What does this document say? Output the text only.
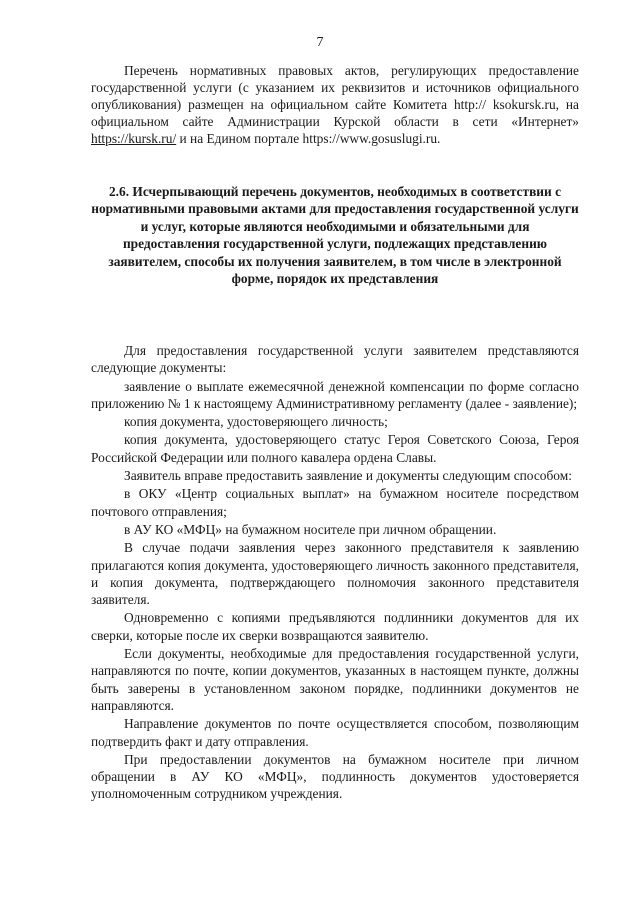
7

Перечень нормативных правовых актов, регулирующих предоставление государственной услуги (с указанием их реквизитов и источников официального опубликования) размещен на официальном сайте Комитета http:// ksokursk.ru, на официальном сайте Администрации Курской области в сети «Интернет» https://kursk.ru/ и на Едином портале https://www.gosuslugi.ru.

2.6. Исчерпывающий перечень документов, необходимых в соответствии с нормативными правовыми актами для предоставления государственной услуги и услуг, которые являются необходимыми и обязательными для предоставления государственной услуги, подлежащих представлению заявителем, способы их получения заявителем, в том числе в электронной форме, порядок их представления

Для предоставления государственной услуги заявителем представляются следующие документы:

заявление о выплате ежемесячной денежной компенсации по форме согласно приложению № 1 к настоящему Административному регламенту (далее - заявление);

копия документа, удостоверяющего личность;

копия документа, удостоверяющего статус Героя Советского Союза, Героя Российской Федерации или полного кавалера ордена Славы.

Заявитель вправе предоставить заявление и документы следующим способом:

в ОКУ «Центр социальных выплат» на бумажном носителе посредством почтового отправления;

в АУ КО «МФЦ» на бумажном носителе при личном обращении.

В случае подачи заявления через законного представителя к заявлению прилагаются копия документа, удостоверяющего личность законного представителя, и копия документа, подтверждающего полномочия законного представителя заявителя.

Одновременно с копиями предъявляются подлинники документов для их сверки, которые после их сверки возвращаются заявителю.

Если документы, необходимые для предоставления государственной услуги, направляются по почте, копии документов, указанных в настоящем пункте, должны быть заверены в установленном законом порядке, подлинники документов не направляются.

Направление документов по почте осуществляется способом, позволяющим подтвердить факт и дату отправления.

При предоставлении документов на бумажном носителе при личном обращении в АУ КО «МФЦ», подлинность документов удостоверяется уполномоченным сотрудником учреждения.
